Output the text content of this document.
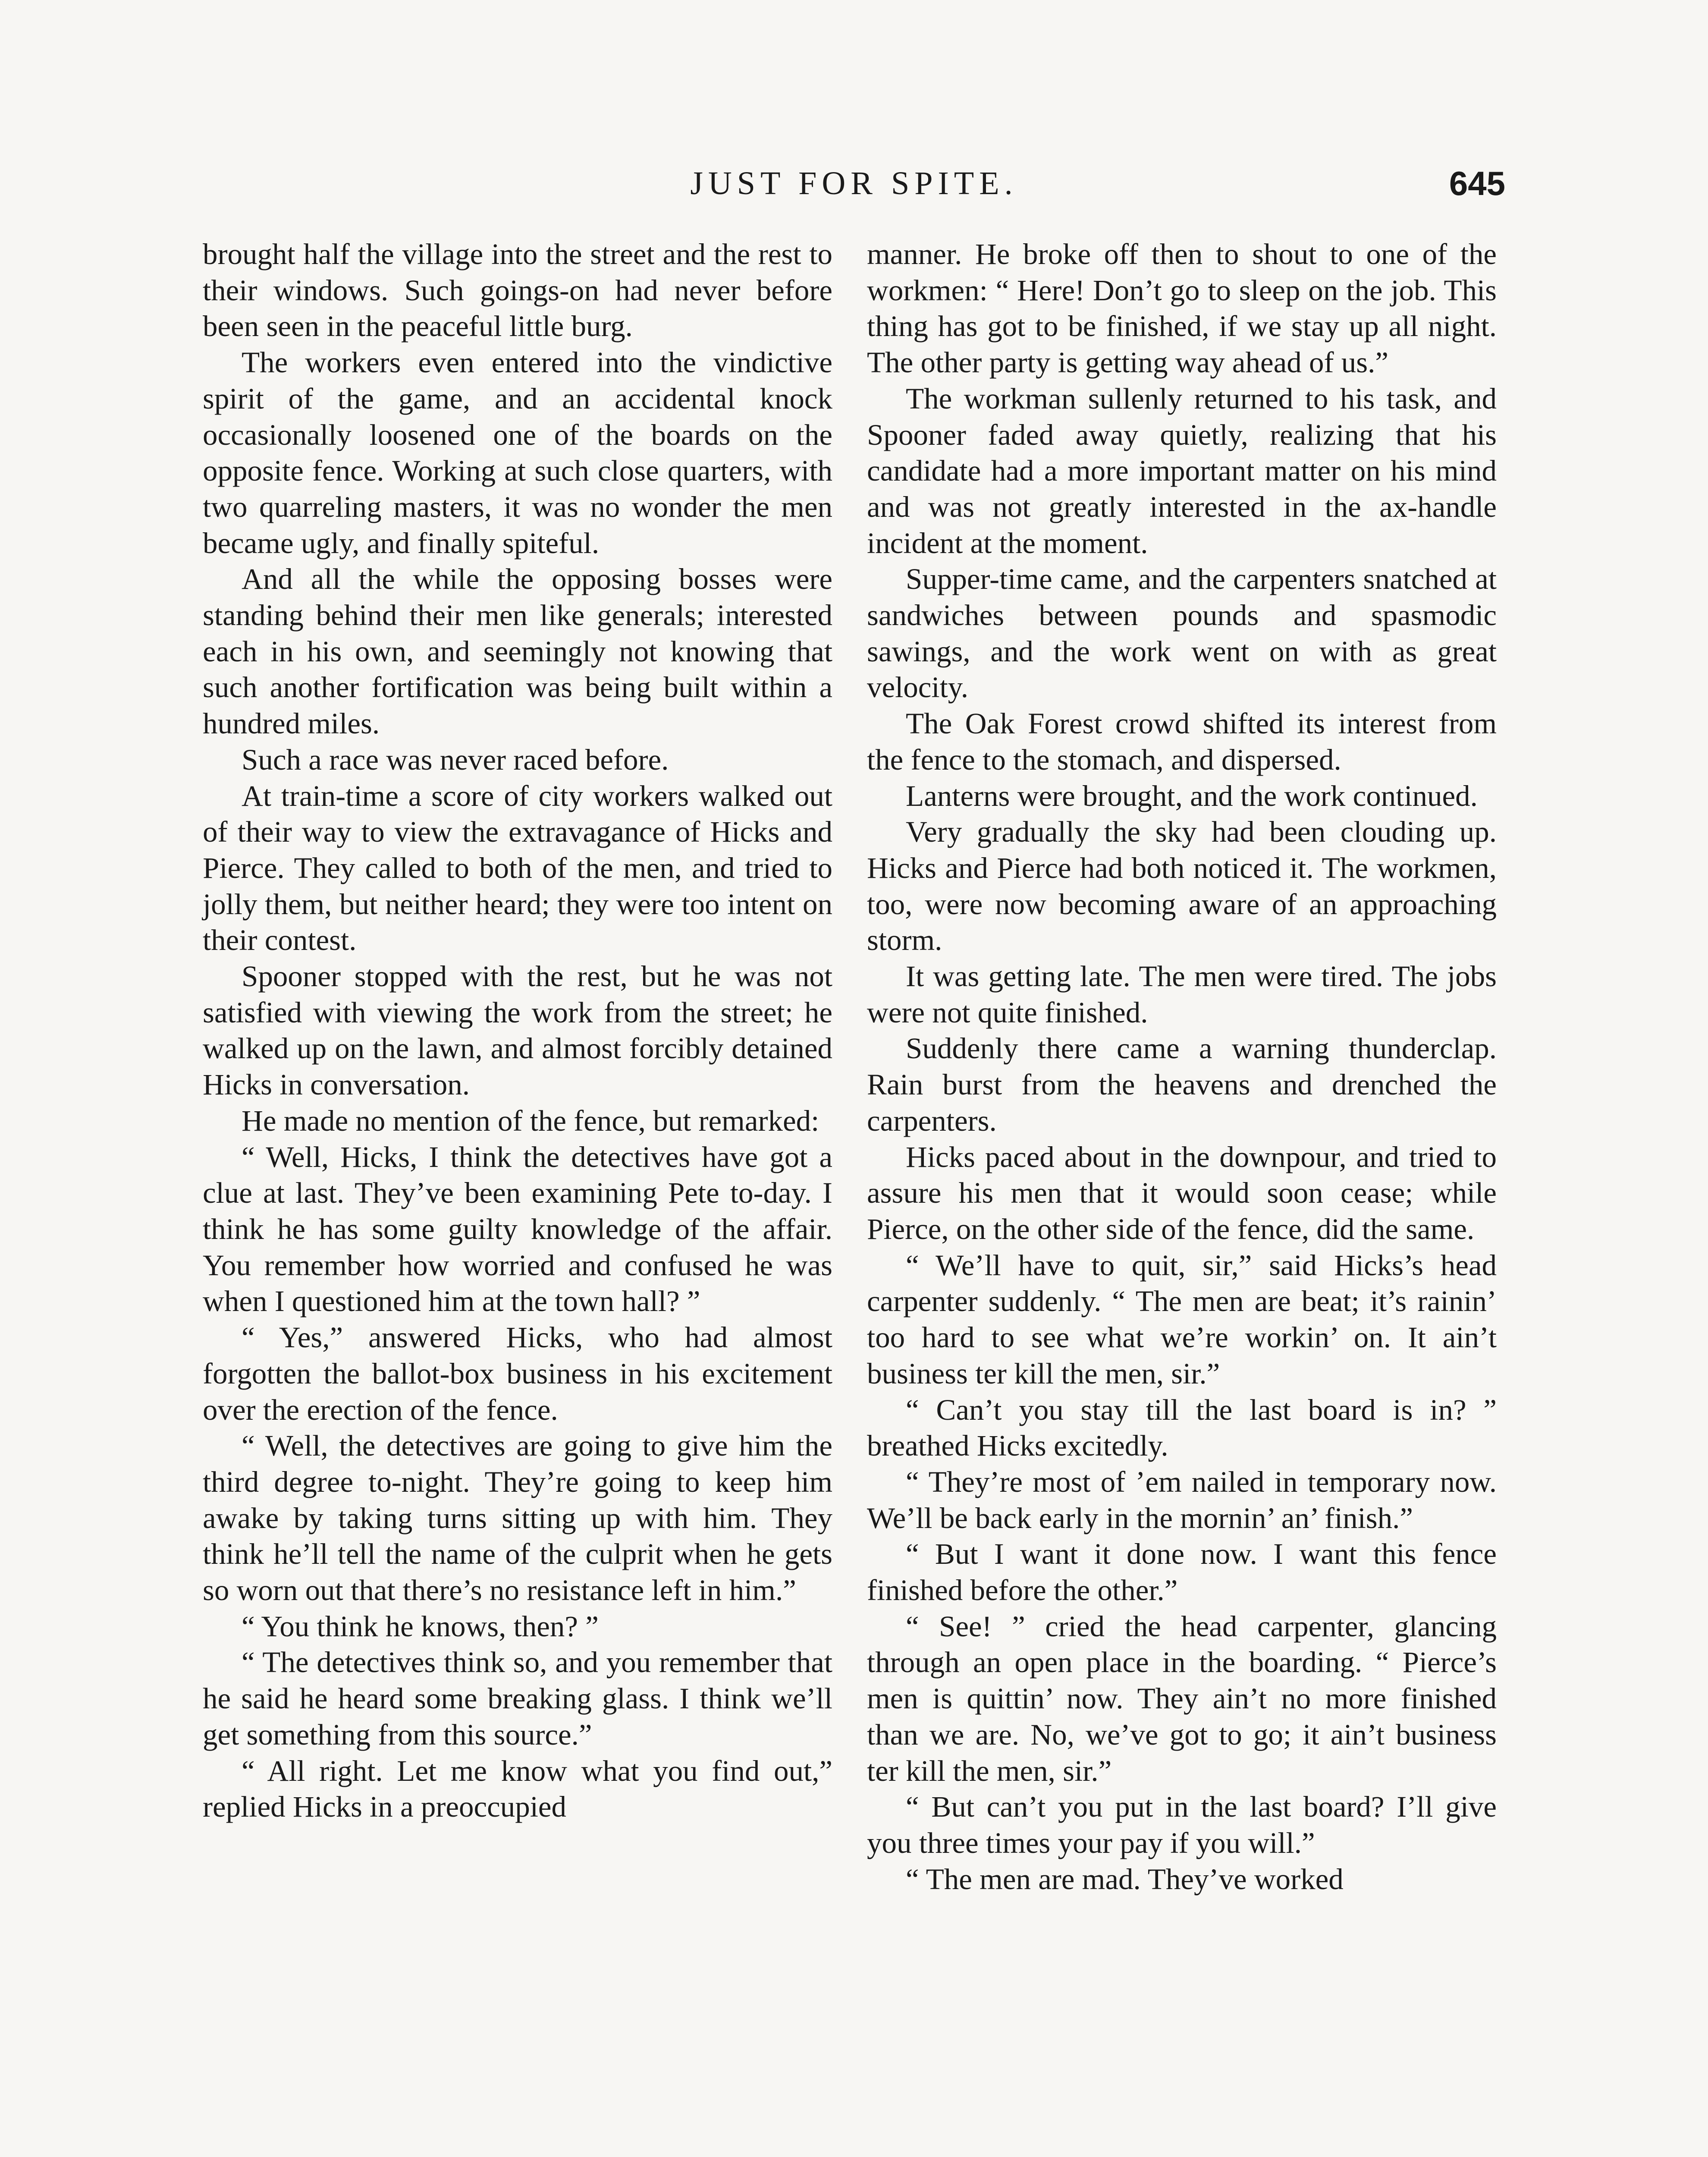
JUST FOR SPITE.	645

brought half the village into the street and the rest to their windows. Such goings-on had never before been seen in the peaceful little burg.

The workers even entered into the vindictive spirit of the game, and an accidental knock occasionally loosened one of the boards on the opposite fence. Working at such close quarters, with two quarreling masters, it was no wonder the men became ugly, and finally spiteful.

And all the while the opposing bosses were standing behind their men like generals; interested each in his own, and seemingly not knowing that such another fortification was being built within a hundred miles.

Such a race was never raced before.

At train-time a score of city workers walked out of their way to view the extravagance of Hicks and Pierce. They called to both of the men, and tried to jolly them, but neither heard; they were too intent on their contest.

Spooner stopped with the rest, but he was not satisfied with viewing the work from the street; he walked up on the lawn, and almost forcibly detained Hicks in conversation.

He made no mention of the fence, but remarked:

“ Well, Hicks, I think the detectives have got a clue at last. They’ve been examining Pete to-day. I think he has some guilty knowledge of the affair. You remember how worried and confused he was when I questioned him at the town hall? ”

“ Yes,” answered Hicks, who had almost forgotten the ballot-box business in his excitement over the erection of the fence.

“ Well, the detectives are going to give him the third degree to-night. They’re going to keep him awake by taking turns sitting up with him. They think he’ll tell the name of the culprit when he gets so worn out that there’s no resistance left in him.”

“ You think he knows, then? ”

“ The detectives think so, and you remember that he said he heard some breaking glass. I think we’ll get something from this source.”

“ All right. Let me know what you find out,” replied Hicks in a preoccupied

manner. He broke off then to shout to one of the workmen: “ Here! Don’t go to sleep on the job. This thing has got to be finished, if we stay up all night. The other party is getting way ahead of us.”

The workman sullenly returned to his task, and Spooner faded away quietly, realizing that his candidate had a more important matter on his mind and was not greatly interested in the ax-handle incident at the moment.

Supper-time came, and the carpenters snatched at sandwiches between pounds and spasmodic sawings, and the work went on with as great velocity.

The Oak Forest crowd shifted its interest from the fence to the stomach, and dispersed.

Lanterns were brought, and the work continued.

Very gradually the sky had been clouding up. Hicks and Pierce had both noticed it. The workmen, too, were now becoming aware of an approaching storm.

It was getting late. The men were tired. The jobs were not quite finished.

Suddenly there came a warning thunderclap. Rain burst from the heavens and drenched the carpenters.

Hicks paced about in the downpour, and tried to assure his men that it would soon cease; while Pierce, on the other side of the fence, did the same.

“ We’ll have to quit, sir,” said Hicks’s head carpenter suddenly. “ The men are beat; it’s rainin’ too hard to see what we’re workin’ on. It ain’t business ter kill the men, sir.”

“ Can’t you stay till the last board is in? ” breathed Hicks excitedly.

“ They’re most of ’em nailed in temporary now. We’ll be back early in the mornin’ an’ finish.”

“ But I want it done now. I want this fence finished before the other.”

“ See! ” cried the head carpenter, glancing through an open place in the boarding. “ Pierce’s men is quittin’ now. They ain’t no more finished than we are. No, we’ve got to go; it ain’t business ter kill the men, sir.”

“ But can’t you put in the last board? I’ll give you three times your pay if you will.”

“ The men are mad. They’ve worked
